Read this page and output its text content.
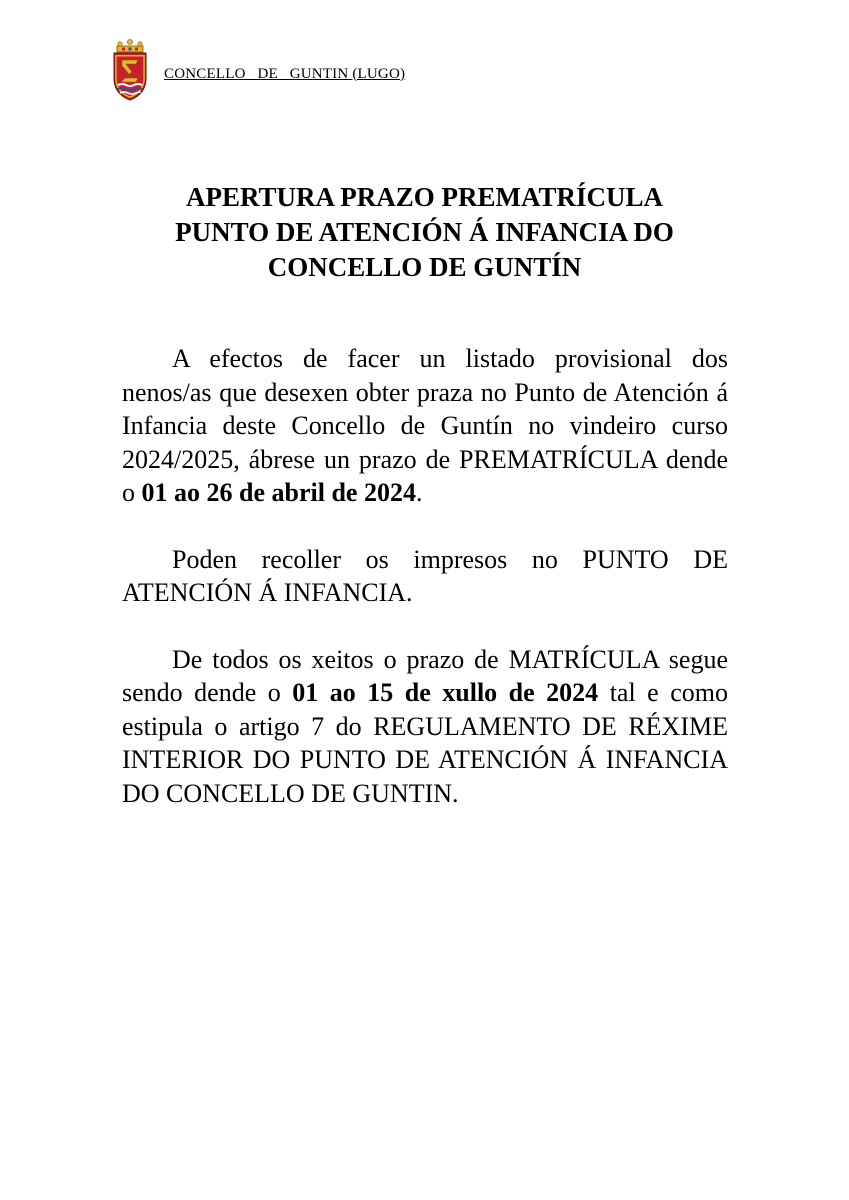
CONCELLO   DE   GUNTIN (LUGO)
APERTURA PRAZO PREMATRÍCULA
PUNTO DE ATENCIÓN Á INFANCIA DO
CONCELLO DE GUNTÍN

A efectos de facer un listado provisional dos nenos/as que desexen obter praza no Punto de Atención á Infancia deste Concello de Guntín no vindeiro curso 2024/2025, ábrese un prazo de PREMATRÍCULA dende o 01 ao 26 de abril de 2024.

Poden recoller os impresos no PUNTO DE ATENCIÓN Á INFANCIA.

De todos os xeitos o prazo de MATRÍCULA segue sendo dende o 01 ao 15 de xullo de 2024 tal e como estipula o artigo 7 do REGULAMENTO DE RÉXIME INTERIOR DO PUNTO DE ATENCIÓN Á INFANCIA DO CONCELLO DE GUNTIN.
